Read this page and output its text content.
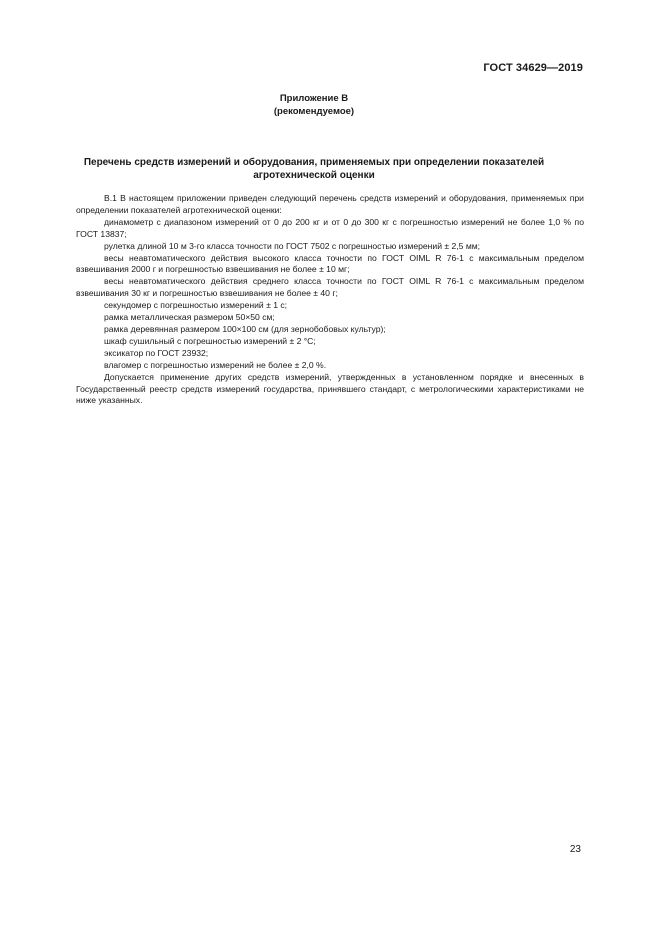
ГОСТ 34629—2019
Приложение В
(рекомендуемое)
Перечень средств измерений и оборудования, применяемых при определении показателей
агротехнической оценки

В.1 В настоящем приложении приведен следующий перечень средств измерений и оборудования, применяемых при определении показателей агротехнической оценки:

динамометр с диапазоном измерений от 0 до 200 кг и от 0 до 300 кг с погрешностью измерений не более 1,0 % по ГОСТ 13837;

рулетка длиной 10 м 3-го класса точности по ГОСТ 7502 с погрешностью измерений ± 2,5 мм;

весы неавтоматического действия высокого класса точности по ГОСТ OIML R 76-1 с максимальным пределом взвешивания 2000 г и погрешностью взвешивания не более ± 10 мг;

весы неавтоматического действия среднего класса точности по ГОСТ OIML R 76-1 с максимальным пределом взвешивания 30 кг и погрешностью взвешивания не более ± 40 г;

секундомер с погрешностью измерений ± 1 с;

рамка металлическая размером 50×50 см;

рамка деревянная размером 100×100 см (для зернобобовых культур);

шкаф сушильный с погрешностью измерений ± 2 °С;

эксикатор по ГОСТ 23932;

влагомер с погрешностью измерений не более ± 2,0 %.

Допускается применение других средств измерений, утвержденных в установленном порядке и внесенных в Государственный реестр средств измерений государства, принявшего стандарт, с метрологическими характеристиками не ниже указанных.

23
